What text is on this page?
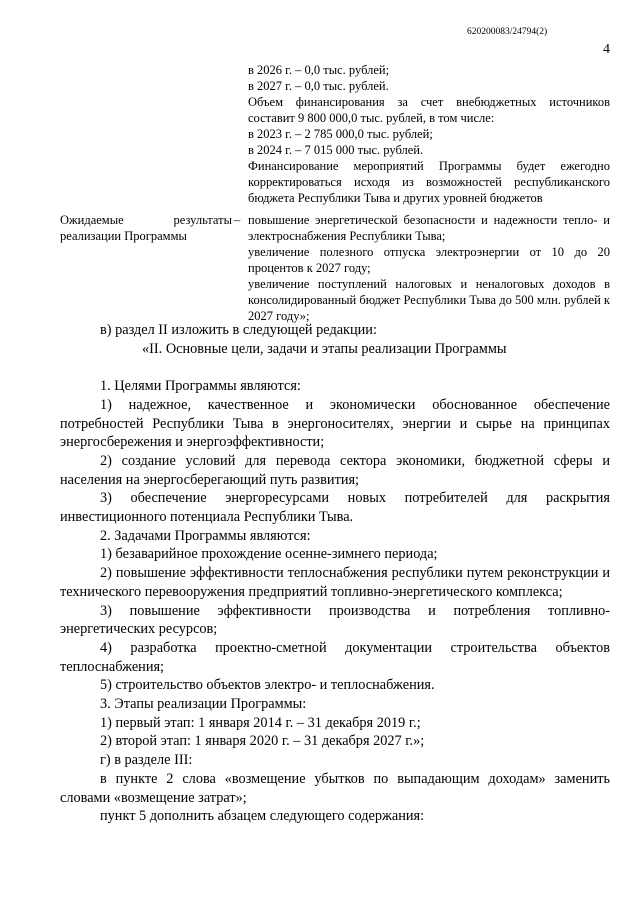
620200083/24794(2)
4

в 2026 г. – 0,0 тыс. рублей;

в 2027 г. – 0,0 тыс. рублей.

Объем финансирования за счет внебюджетных источников составит 9 800 000,0 тыс. рублей, в том числе:

в 2023 г. – 2 785 000,0 тыс. рублей;

в 2024 г. – 7 015 000 тыс. рублей.

Финансирование мероприятий Программы будет ежегодно корректироваться исходя из возможностей республиканского бюджета Республики Тыва и других уровней бюджетов

Ожидаемые результаты реализации Программы

– повышение энергетической безопасности и надежности тепло- и электроснабжения Республики Тыва;

увеличение полезного отпуска электроэнергии от 10 до 20 процентов к 2027 году;

увеличение поступлений налоговых и неналоговых доходов в консолидированный бюджет Республики Тыва до 500 млн. рублей к 2027 году»;

в) раздел II изложить в следующей редакции:

«II. Основные цели, задачи и этапы реализации Программы

1. Целями Программы являются:

1) надежное, качественное и экономически обоснованное обеспечение потребностей Республики Тыва в энергоносителях, энергии и сырье на принципах энергосбережения и энергоэффективности;

2) создание условий для перевода сектора экономики, бюджетной сферы и населения на энергосберегающий путь развития;

3) обеспечение энергоресурсами новых потребителей для раскрытия инвестиционного потенциала Республики Тыва.

2. Задачами Программы являются:

1) безаварийное прохождение осенне-зимнего периода;

2) повышение эффективности теплоснабжения республики путем реконструкции и технического перевооружения предприятий топливно-энергетического комплекса;

3) повышение эффективности производства и потребления топливно-энергетических ресурсов;

4) разработка проектно-сметной документации строительства объектов теплоснабжения;

5) строительство объектов электро- и теплоснабжения.

3. Этапы реализации Программы:

1) первый этап: 1 января 2014 г. – 31 декабря 2019 г.;

2) второй этап: 1 января 2020 г. – 31 декабря 2027 г.»;

г) в разделе III:

в пункте 2 слова «возмещение убытков по выпадающим доходам» заменить словами «возмещение затрат»;

пункт 5 дополнить абзацем следующего содержания:
